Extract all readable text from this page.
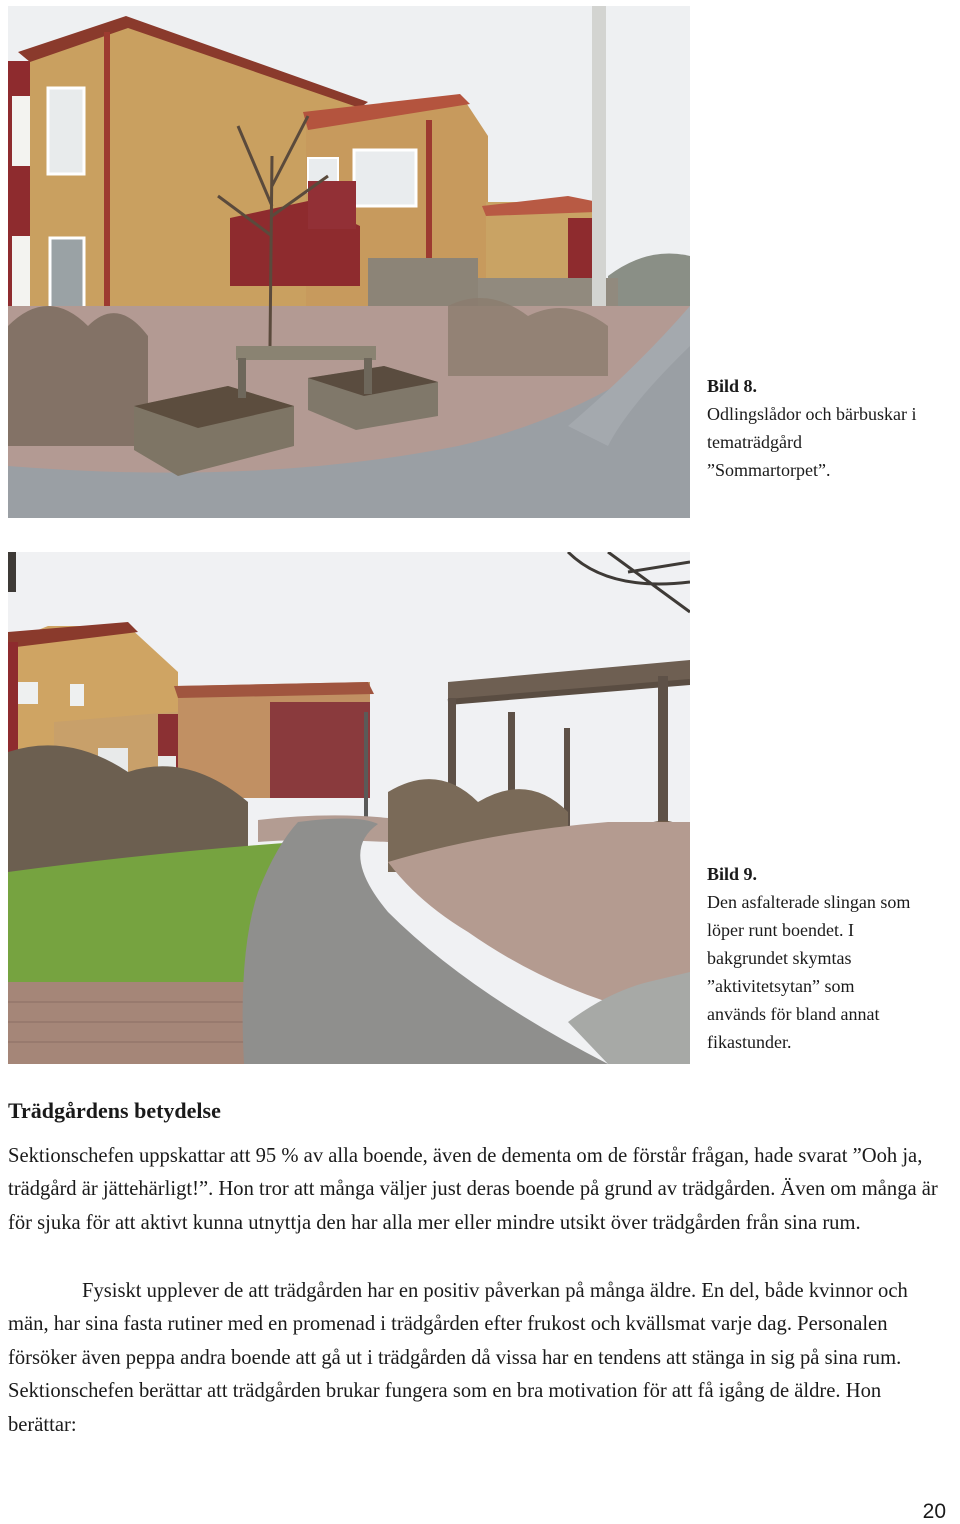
Bild 8.
Odlingslådor och bärbuskar i tematrädgård ”Sommartorpet”.
Bild 9.
Den asfalterade slingan som löper runt boendet. I bakgrundet skymtas ”aktivitetsytan” som används för bland annat fikastunder.
Trädgårdens betydelse

Sektionschefen uppskattar att 95 % av alla boende, även de dementa om de förstår frågan, hade svarat ”Ooh ja, trädgård är jättehärligt!”. Hon tror att många väljer just deras boende på grund av trädgården. Även om många är för sjuka för att aktivt kunna utnyttja den har alla mer eller mindre utsikt över trädgården från sina rum.

Fysiskt upplever de att trädgården har en positiv påverkan på många äldre. En del, både kvinnor och män, har sina fasta rutiner med en promenad i trädgården efter frukost och kvällsmat varje dag. Personalen försöker även peppa andra boende att gå ut i trädgården då vissa har en tendens att stänga in sig på sina rum. Sektionschefen berättar att trädgården brukar fungera som en bra motivation för att få igång de äldre. Hon berättar:

20
